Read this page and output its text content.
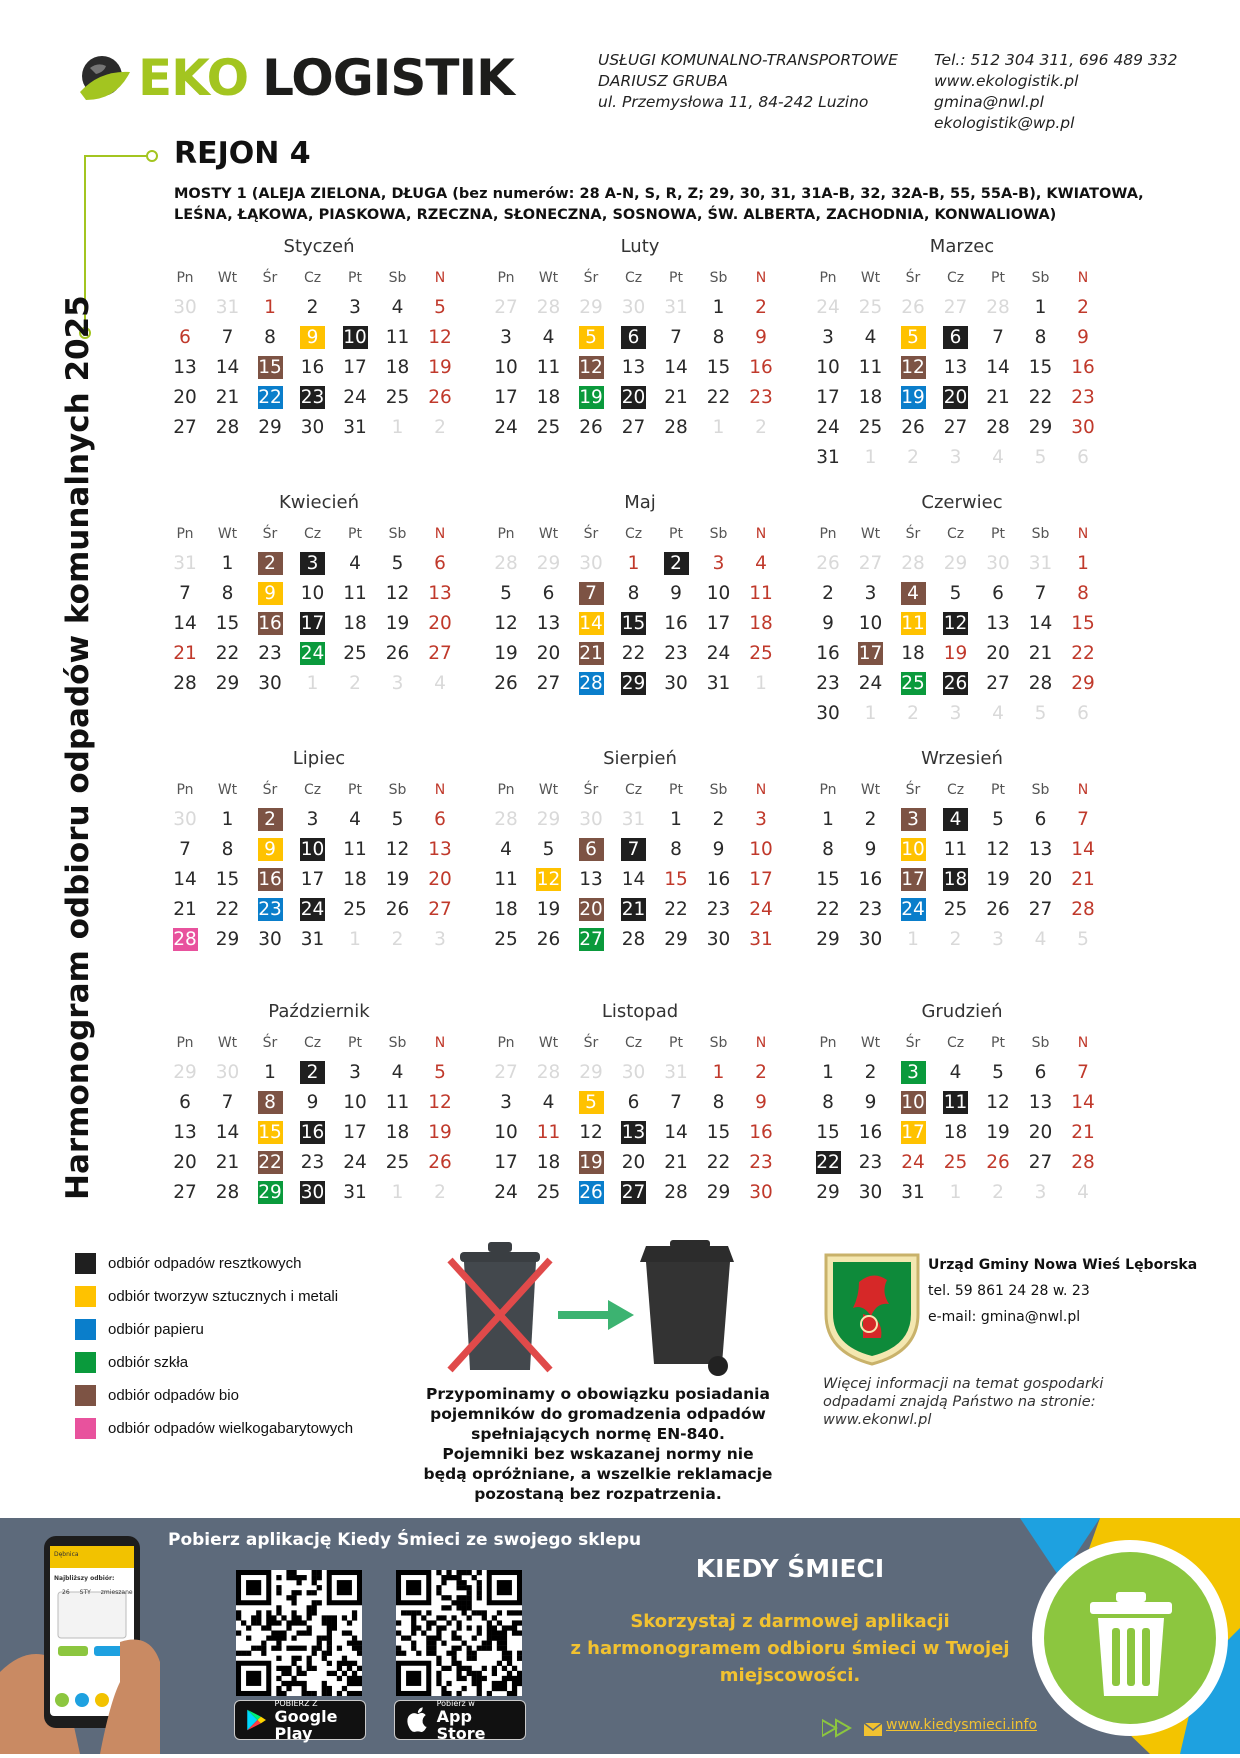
EKO LOGISTIK	USŁUGI KOMUNALNO-TRANSPORTOWE
DARIUSZ GRUBA
ul. Przemysłowa 11, 84-242 Luzino
Tel.: 512 304 311, 696 489 332
www.ekologistik.pl
gmina@nwl.pl
ekologistik@wp.pl
Harmonogram odbioru odpadów komunalnych 2025
REJON 4
MOSTY 1 (ALEJA ZIELONA, DŁUGA (bez numerów: 28 A-N, S, R, Z; 29, 30, 31, 31A-B, 32, 32A-B, 55, 55A-B), KWIATOWA, LEŚNA, ŁĄKOWA, PIASKOWA, RZECZNA, SŁONECZNA, SOSNOWA, ŚW. ALBERTA, ZACHODNIA, KONWALIOWA)
Styczeń
Pn	Wt	Śr	Cz	Pt	Sb	N
30	31	1	2	3	4	5
6	7	8	9	10	11	12
13	14	15	16	17	18	19
20	21	22	23	24	25	26
27	28	29	30	31	1	2
Luty
Pn	Wt	Śr	Cz	Pt	Sb	N
27	28	29	30	31	1	2
3	4	5	6	7	8	9
10	11	12	13	14	15	16
17	18	19	20	21	22	23
24	25	26	27	28	1	2
Marzec
Pn	Wt	Śr	Cz	Pt	Sb	N
24	25	26	27	28	1	2
3	4	5	6	7	8	9
10	11	12	13	14	15	16
17	18	19	20	21	22	23
24	25	26	27	28	29	30
31	1	2	3	4	5	6
Kwiecień
Pn	Wt	Śr	Cz	Pt	Sb	N
31	1	2	3	4	5	6
7	8	9	10	11	12	13
14	15	16	17	18	19	20
21	22	23	24	25	26	27
28	29	30	1	2	3	4
Maj
Pn	Wt	Śr	Cz	Pt	Sb	N
28	29	30	1	2	3	4
5	6	7	8	9	10	11
12	13	14	15	16	17	18
19	20	21	22	23	24	25
26	27	28	29	30	31	1
Czerwiec
Pn	Wt	Śr	Cz	Pt	Sb	N
26	27	28	29	30	31	1
2	3	4	5	6	7	8
9	10	11	12	13	14	15
16	17	18	19	20	21	22
23	24	25	26	27	28	29
30	1	2	3	4	5	6
Lipiec
Pn	Wt	Śr	Cz	Pt	Sb	N
30	1	2	3	4	5	6
7	8	9	10	11	12	13
14	15	16	17	18	19	20
21	22	23	24	25	26	27
28	29	30	31	1	2	3
Sierpień
Pn	Wt	Śr	Cz	Pt	Sb	N
28	29	30	31	1	2	3
4	5	6	7	8	9	10
11	12	13	14	15	16	17
18	19	20	21	22	23	24
25	26	27	28	29	30	31
Wrzesień
Pn	Wt	Śr	Cz	Pt	Sb	N
1	2	3	4	5	6	7
8	9	10	11	12	13	14
15	16	17	18	19	20	21
22	23	24	25	26	27	28
29	30	1	2	3	4	5
Październik
Pn	Wt	Śr	Cz	Pt	Sb	N
29	30	1	2	3	4	5
6	7	8	9	10	11	12
13	14	15	16	17	18	19
20	21	22	23	24	25	26
27	28	29	30	31	1	2
Listopad
Pn	Wt	Śr	Cz	Pt	Sb	N
27	28	29	30	31	1	2
3	4	5	6	7	8	9
10	11	12	13	14	15	16
17	18	19	20	21	22	23
24	25	26	27	28	29	30
Grudzień
Pn	Wt	Śr	Cz	Pt	Sb	N
1	2	3	4	5	6	7
8	9	10	11	12	13	14
15	16	17	18	19	20	21
22	23	24	25	26	27	28
29	30	31	1	2	3	4
odbiór odpadów resztkowych
odbiór tworzyw sztucznych i metali
odbiór papieru
odbiór szkła
odbiór odpadów bio
odbiór odpadów wielkogabarytowych
Przypominamy o obowiązku posiadania
pojemników do gromadzenia odpadów
spełniających normę EN-840.
Pojemniki bez wskazanej normy nie
będą opróżniane, a wszelkie reklamacje
pozostaną bez rozpatrzenia.
Urząd Gminy Nowa Wieś Lęborska
tel. 59 861 24 28 w. 23
e-mail: gmina@nwl.pl
Więcej informacji na temat gospodarki odpadami znajdą Państwo na stronie: www.ekonwl.pl
Dębnica
Najbliższy odbiór:
26 STY zmieszane
Pobierz aplikację Kiedy Śmieci ze swojego sklepu
POBIERZ Z
Google Play
Pobierz w
App Store
KIEDY ŚMIECI
Skorzystaj z darmowej aplikacji
z harmonogramem odbioru śmieci w Twojej
miejscowości.
www.kiedysmieci.info
